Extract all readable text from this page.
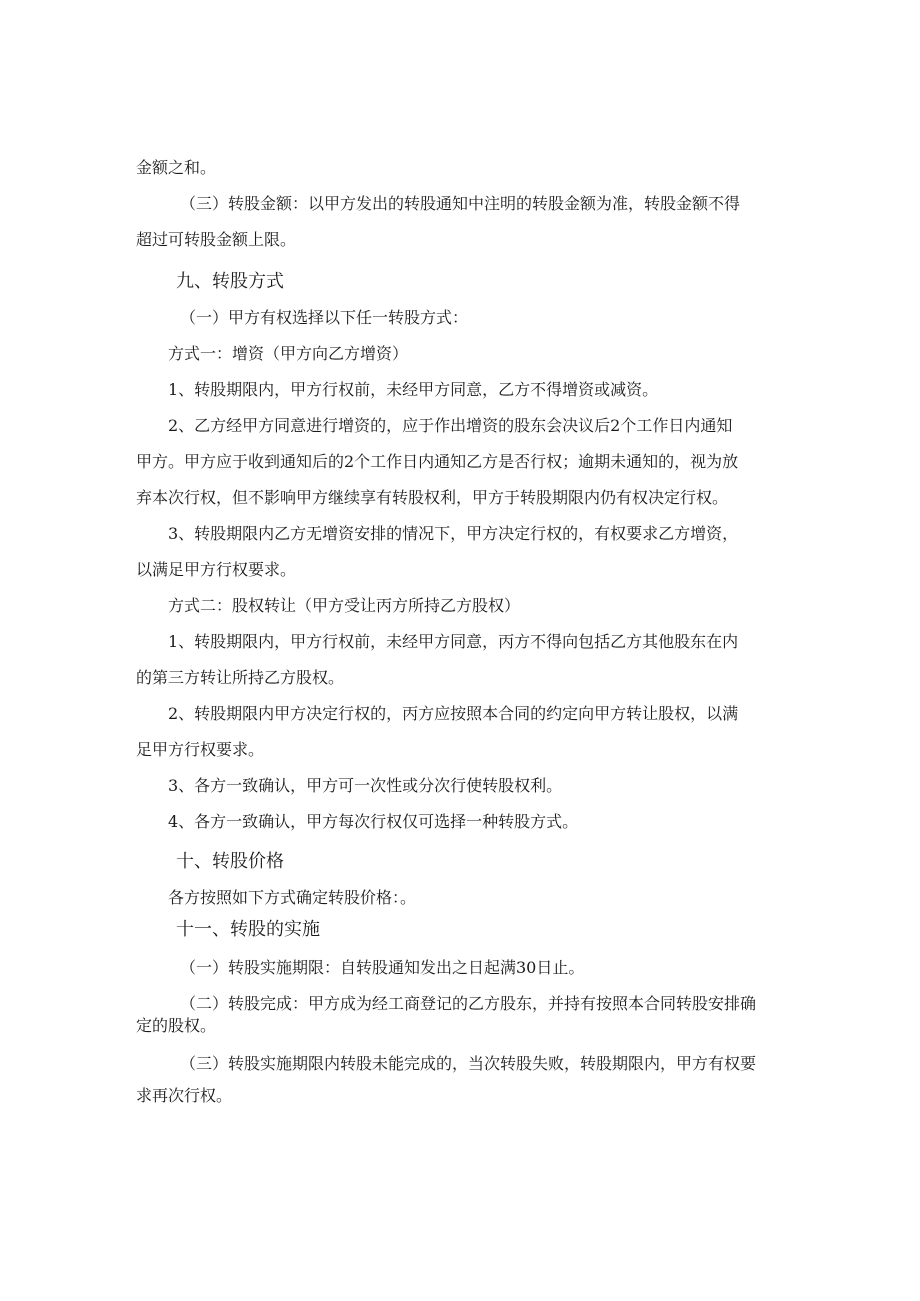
金额之和。
（三）转股金额：以甲方发出的转股通知中注明的转股金额为准，转股金额不得
超过可转股金额上限。
九、转股方式
（一）甲方有权选择以下任一转股方式：
方式一：增资（甲方向乙方增资）
1、转股期限内，甲方行权前，未经甲方同意，乙方不得增资或减资。
2、乙方经甲方同意进行增资的，应于作出增资的股东会决议后2个工作日内通知
甲方。甲方应于收到通知后的2个工作日内通知乙方是否行权；逾期未通知的，视为放
弃本次行权，但不影响甲方继续享有转股权利，甲方于转股期限内仍有权决定行权。
3、转股期限内乙方无增资安排的情况下，甲方决定行权的，有权要求乙方增资，
以满足甲方行权要求。
方式二：股权转让（甲方受让丙方所持乙方股权）
1、转股期限内，甲方行权前，未经甲方同意，丙方不得向包括乙方其他股东在内
的第三方转让所持乙方股权。
2、转股期限内甲方决定行权的，丙方应按照本合同的约定向甲方转让股权，以满
足甲方行权要求。
3、各方一致确认，甲方可一次性或分次行使转股权利。
4、各方一致确认，甲方每次行权仅可选择一种转股方式。
十、转股价格
各方按照如下方式确定转股价格：。
十一、转股的实施
（一）转股实施期限：自转股通知发出之日起满30日止。
（二）转股完成：甲方成为经工商登记的乙方股东，并持有按照本合同转股安排确
定的股权。
（三）转股实施期限内转股未能完成的，当次转股失败，转股期限内，甲方有权要
求再次行权。
